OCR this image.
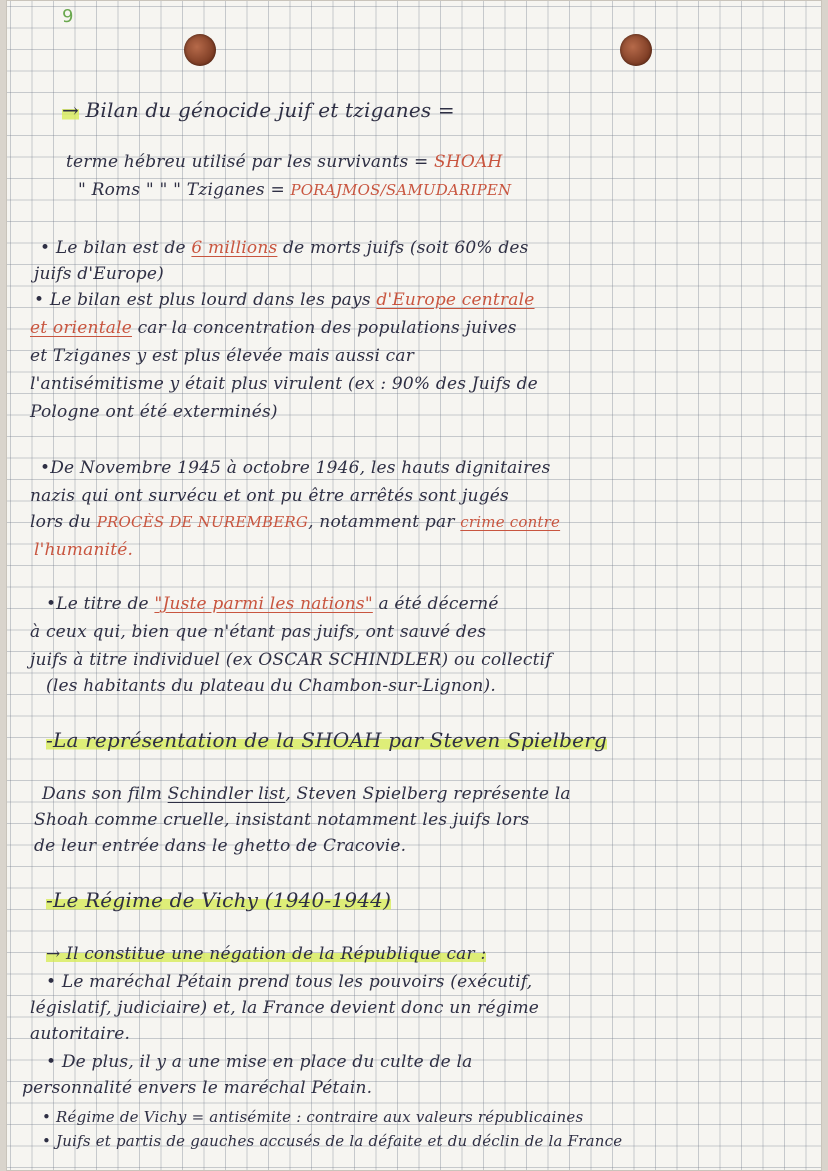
9
→ Bilan du génocide juif et tziganes =
terme hébreu utilisé par les survivants = SHOAH
" Roms " " " Tziganes = PORAJMOS/SAMUDARIPEN
• Le bilan est de 6 millions de morts juifs (soit 60% des
juifs d'Europe)
• Le bilan est plus lourd dans les pays d'Europe centrale
et orientale car la concentration des populations juives
et Tziganes y est plus élevée mais aussi car
l'antisémitisme y était plus virulent (ex : 90% des Juifs de
Pologne ont été exterminés)
•De Novembre 1945 à octobre 1946, les hauts dignitaires
nazis qui ont survécu et ont pu être arrêtés sont jugés
lors du PROCÈS DE NUREMBERG, notamment par crime contre
l'humanité.
•Le titre de "Juste parmi les nations" a été décerné
à ceux qui, bien que n'étant pas juifs, ont sauvé des
juifs à titre individuel (ex OSCAR SCHINDLER) ou collectif
(les habitants du plateau du Chambon-sur-Lignon).
-La représentation de la SHOAH par Steven Spielberg
Dans son film Schindler list, Steven Spielberg représente la
Shoah comme cruelle, insistant notamment les juifs lors
de leur entrée dans le ghetto de Cracovie.
-Le Régime de Vichy (1940-1944)
→ Il constitue une négation de la République car :
• Le maréchal Pétain prend tous les pouvoirs (exécutif,
législatif, judiciaire) et, la France devient donc un régime
autoritaire.
• De plus, il y a une mise en place du culte de la
personnalité envers le maréchal Pétain.
• Régime de Vichy = antisémite : contraire aux valeurs républicaines
• Juifs et partis de gauches accusés de la défaite et du déclin de la France
